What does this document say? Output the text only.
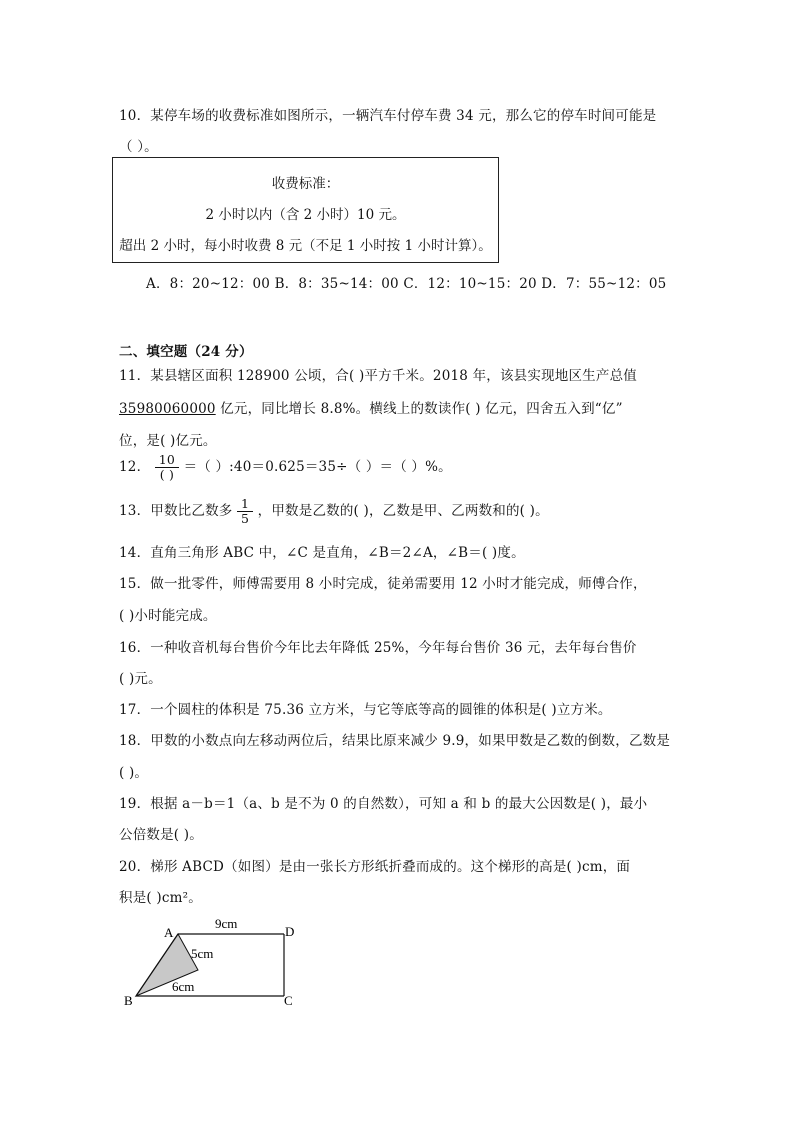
10．某停车场的收费标准如图所示，一辆汽车付停车费 34 元，那么它的停车时间可能是
（ ）。
收费标准：
2 小时以内（含 2 小时）10 元。
超出 2 小时，每小时收费 8 元（不足 1 小时按 1 小时计算）。
A．8：20~12：00 B．8：35~14：00 C．12：10~15：20 D．7：55~12：05
二、填空题（24 分）
11．某县辖区面积 128900 公顷，合( )平方千米。2018 年，该县实现地区生产总值
35980060000 亿元，同比增长 8.8%。横线上的数读作( ) 亿元，四舍五入到“亿”
位，是( )亿元。
12． $\frac{10}{( )}$ ＝（ ）:40＝0.625＝35÷（ ）＝（ ）%。
13．甲数比乙数多 $\frac{1}{5}$ ，甲数是乙数的( )，乙数是甲、乙两数和的( )。
14．直角三角形 ABC 中，∠C 是直角，∠B＝2∠A，∠B＝( )度。
15．做一批零件，师傅需要用 8 小时完成，徒弟需要用 12 小时才能完成，师傅合作，
( )小时能完成。
16．一种收音机每台售价今年比去年降低 25%，今年每台售价 36 元，去年每台售价
( )元。
17．一个圆柱的体积是 75.36 立方米，与它等底等高的圆锥的体积是( )立方米。
18．甲数的小数点向左移动两位后，结果比原来减少 9.9，如果甲数是乙数的倒数，乙数是
( )。
19．根据 a－b＝1（a、b 是不为 0 的自然数），可知 a 和 b 的最大公因数是( )，最小
公倍数是( )。
20．梯形 ABCD（如图）是由一张长方形纸折叠而成的。这个梯形的高是( )cm，面
积是( )cm²。
A	D
B	C
9cm
5cm
6cm
